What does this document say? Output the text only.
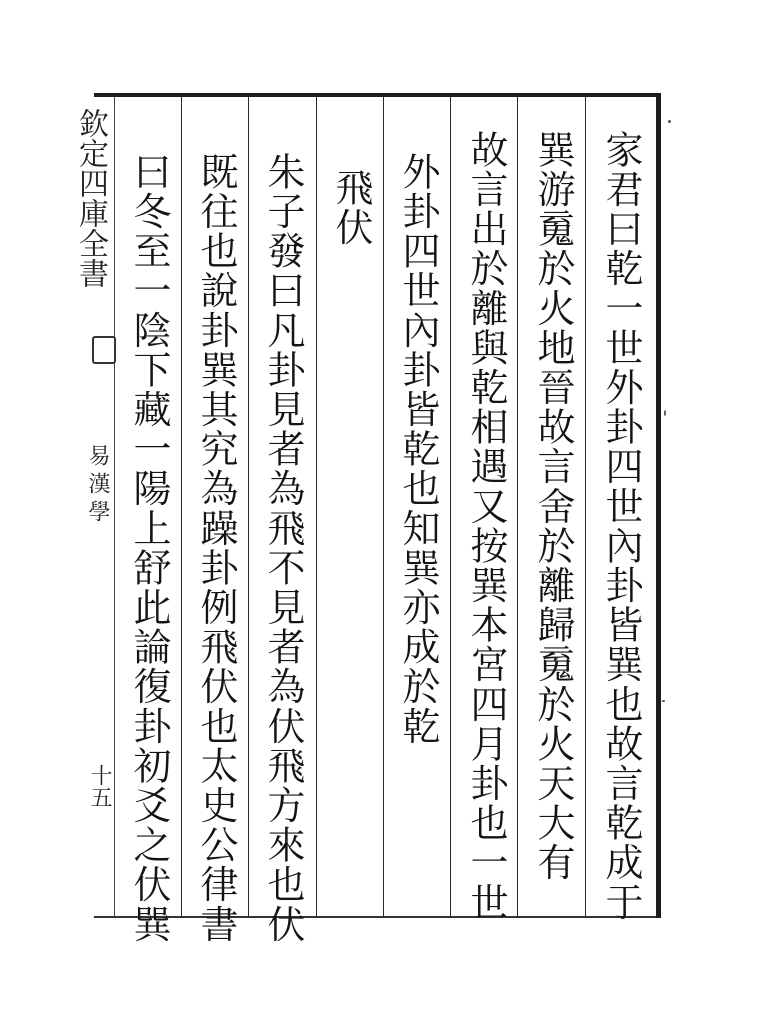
欽定四庫全書
易漢學
十五	家君曰乾一世外卦四世內卦皆巽也故言乾成于
巽游䰟於火地晉故言舍於離歸䰟於火天大有
故言出於離與乾相遇又按巽本宮四月卦也一世
外卦四世內卦皆乾也知巽亦成於乾
飛伏
朱子發曰凡卦見者為飛不見者為伏飛方來也伏
既往也說卦巽其究為躁卦例飛伏也太史公律書
曰冬至一陰下藏一陽上舒此論復卦初爻之伏巽
